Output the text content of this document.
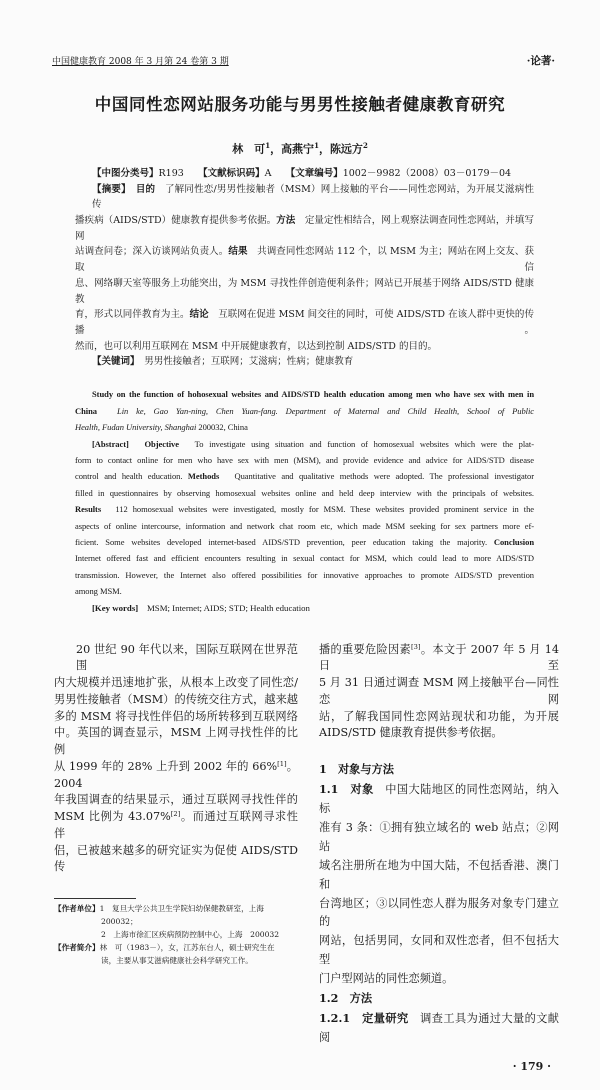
中国健康教育 2008 年 3 月第 24 卷第 3 期	·论著·
中国同性恋网站服务功能与男男性接触者健康教育研究
林　可$^1$，高燕宁$^1$，陈远方$^2$
【中图分类号】R193　　【文献标识码】A　　【文章编号】1002－9982（2008）03－0179－04
【摘要】　 目的　了解同性恋/男男性接触者（MSM）网上接触的平台——同性恋网站，为开展艾滋病性传
播疾病（AIDS/STD）健康教育提供参考依据。方法　定量定性相结合，网上观察法调查同性恋网站，并填写网
站调查问卷；深入访谈网站负责人。结果　共调查同性恋网站 112 个，以 MSM 为主；网站在网上交友、获取信
息、网络聊天室等服务上功能突出，为 MSM 寻找性伴创造便利条件；网站已开展基于网络 AIDS/STD 健康教
育，形式以同伴教育为主。结论　互联网在促进 MSM 间交往的同时，可使 AIDS/STD 在该人群中更快的传播。
然而，也可以利用互联网在 MSM 中开展健康教育，以达到控制 AIDS/STD 的目的。
【关键词】　男男性接触者；互联网；艾滋病；性病；健康教育
Study on the function of hohosexual websites and AIDS/STD health education among men who have sex with men in
China　 Lin ke, Gao Yan-ning, Chen Yuan-fang. Department of Maternal and Child Health, School of Public
Health, Fudan University, Shanghai 200032, China
[Abstract]　 Objective　To investigate using situation and function of homosexual websites which were the plat-
form to contact online for men who have sex with men (MSM), and provide evidence and advice for AIDS/STD disease
control and health education. Methods　Quantitative and qualitative methods were adopted. The professional investigator
filled in questionnaires by observing homosexual websites online and held deep interview with the principals of websites.
Results　112 homosexual websites were investigated, mostly for MSM. These websites provided prominent service in the
aspects of online intercourse, information and network chat room etc, which made MSM seeking for sex partners more ef-
ficient. Some websites developed internet-based AIDS/STD prevention, peer education taking the majority. Conclusion
Internet offered fast and efficient encounters resulting in sexual contact for MSM, which could lead to more AIDS/STD
transmission. However, the Internet also offered possibilities for innovative approaches to promote AIDS/STD prevention
among MSM.
[Key words]　MSM; Internet; AIDS; STD; Health education
20 世纪 90 年代以来，国际互联网在世界范围
内大规模并迅速地扩张，从根本上改变了同性恋/
男男性接触者（MSM）的传统交往方式，越来越
多的 MSM 将寻找性伴侣的场所转移到互联网络
中。英国的调查显示，MSM 上网寻找性伴的比例
从 1999 年的 28% 上升到 2002 年的 66%[1]。2004
年我国调查的结果显示，通过互联网寻找性伴的
MSM 比例为 43.07%[2]。而通过互联网寻求性伴
侣，已被越来越多的研究证实为促使 AIDS/STD 传
【作者单位】1　复旦大学公共卫生学院妇幼保健教研室，上海
200032；
2　上海市徐汇区疾病预防控制中心，上海　200032
【作者简介】林　可（1983－），女，江苏东台人，硕士研究生在
读，主要从事艾滋病健康社会科学研究工作。
播的重要危险因素[3]。本文于 2007 年 5 月 14 日至
5 月 31 日通过调查 MSM 网上接触平台—同性恋网
站，了解我国同性恋网站现状和功能，为开展
AIDS/STD 健康教育提供参考依据。
1　对象与方法
1.1　对象　中国大陆地区的同性恋网站，纳入标
准有 3 条：①拥有独立域名的 web 站点；②网站
域名注册所在地为中国大陆，不包括香港、澳门和
台湾地区；③以同性恋人群为服务对象专门建立的
网站，包括男同，女同和双性恋者，但不包括大型
门户型网站的同性恋频道。
1.2　方法
1.2.1　定量研究　调查工具为通过大量的文献阅
· 179 ·
